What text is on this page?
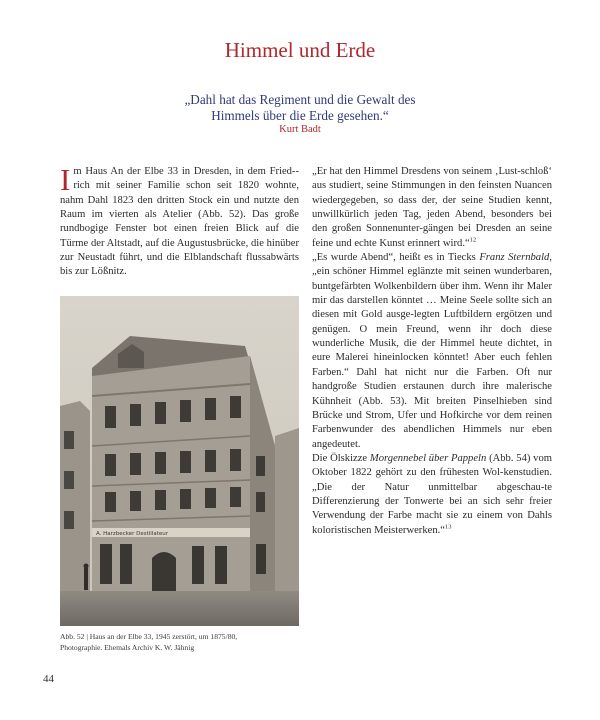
Himmel und Erde
„Dahl hat das Regiment und die Gewalt des
Himmels über die Erde gesehen.“
Kurt Badt

Im Haus An der Elbe 33 in Dresden, in dem Fried-rich mit seiner Familie schon seit 1820 wohnte, nahm Dahl 1823 den dritten Stock ein und nutzte den Raum im vierten als Atelier (Abb. 52). Das große rundbogige Fenster bot einen freien Blick auf die Türme der Altstadt, auf die Augustusbrücke, die hinüber zur Neustadt führt, und die Elblandschaft flussabwärts bis zur Lößnitz.

A. Harzbecker Destillateur
Abb. 52 | Haus an der Elbe 33, 1945 zerstört, um 1875/80,
Photographie. Ehemals Archiv K. W. Jähnig

„Er hat den Himmel Dresdens von seinem ‚Lust-schloß‘ aus studiert, seine Stimmungen in den feinsten Nuancen wiedergegeben, so dass der, der seine Studien kennt, unwillkürlich jeden Tag, jeden Abend, besonders bei den großen Sonnenunter-gängen bei Dresden an seine feine und echte Kunst erinnert wird.“$^{12}$

„Es wurde Abend“, heißt es in Tiecks Franz Sternbald, „ein schöner Himmel eglänzte mit seinen wunderbaren, buntgefärbten Wolkenbildern über ihm. Wenn ihr Maler mir das darstellen könntet … Meine Seele sollte sich an diesen mit Gold ausge-legten Luftbildern ergötzen und genügen. O mein Freund, wenn ihr doch diese wunderliche Musik, die der Himmel heute dichtet, in eure Malerei hineinlocken könntet! Aber euch fehlen Farben.“ Dahl hat nicht nur die Farben. Oft nur handgroße Studien erstaunen durch ihre malerische Kühnheit (Abb. 53). Mit breiten Pinselhieben sind Brücke und Strom, Ufer und Hofkirche vor dem reinen Farbenwunder des abendlichen Himmels nur eben angedeutet.

Die Ölskizze Morgennebel über Pappeln (Abb. 54) vom Oktober 1822 gehört zu den frühesten Wol-kenstudien. „Die der Natur unmittelbar abgeschau-te Differenzierung der Tonwerte bei an sich sehr freier Verwendung der Farbe macht sie zu einem von Dahls koloristischen Meisterwerken.“$^{13}$

44
